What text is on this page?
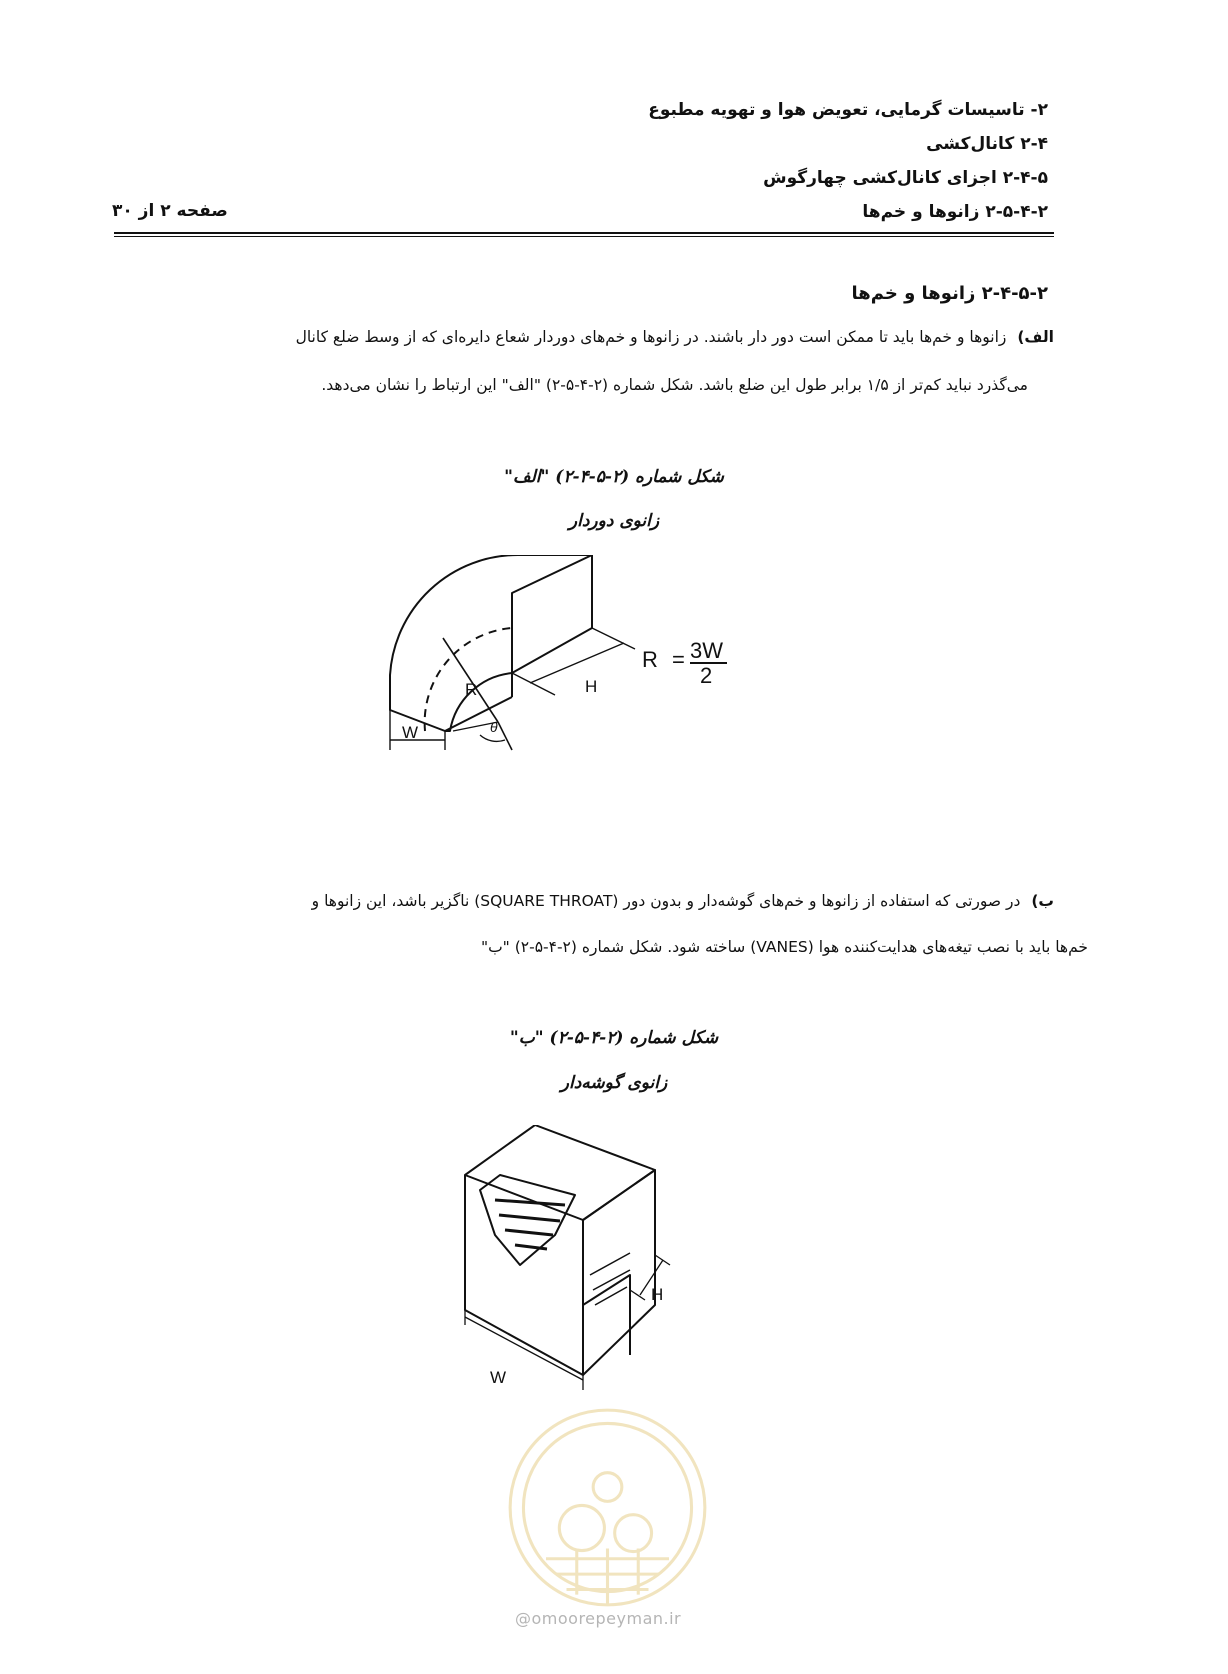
۲- تاسیسات گرمایی، تعویض هوا و تهویه مطبوع
۲-۴ کانال‌کشی
۲-۴-۵ اجزای کانال‌کشی چهارگوش
۲-۵-۴-۲ زانوها و خم‌ها
صفحه ۲ از ۳۰
۲-۴-۵-۲ زانوها و خم‌ها
الف) زانوها و خم‌ها باید تا ممکن است دور دار باشند. در زانوها و خم‌های دوردار شعاع دایره‌ای که از وسط ضلع کانال
می‌گذرد نباید کم‌تر از ۱/۵ برابر طول این ضلع باشد. شکل شماره (۲-۴-۵-۲) "الف" این ارتباط را نشان می‌دهد.
شکل شماره (۲-۵-۴-۲) "الف"
زانوی دوردار
R	H
W	θ
R = 3W
2
ب) در صورتی که استفاده از زانوها و خم‌های گوشه‌دار و بدون دور (SQUARE THROAT) ناگزیر باشد، این زانوها و
خم‌ها باید با نصب تیغه‌های هدایت‌کننده هوا (VANES) ساخته شود. شکل شماره (۲-۴-۵-۲) "ب"
شکل شماره (۲-۴-۵-۲) "ب"
زانوی گوشه‌دار
H
W
@omoorepeyman.ir
